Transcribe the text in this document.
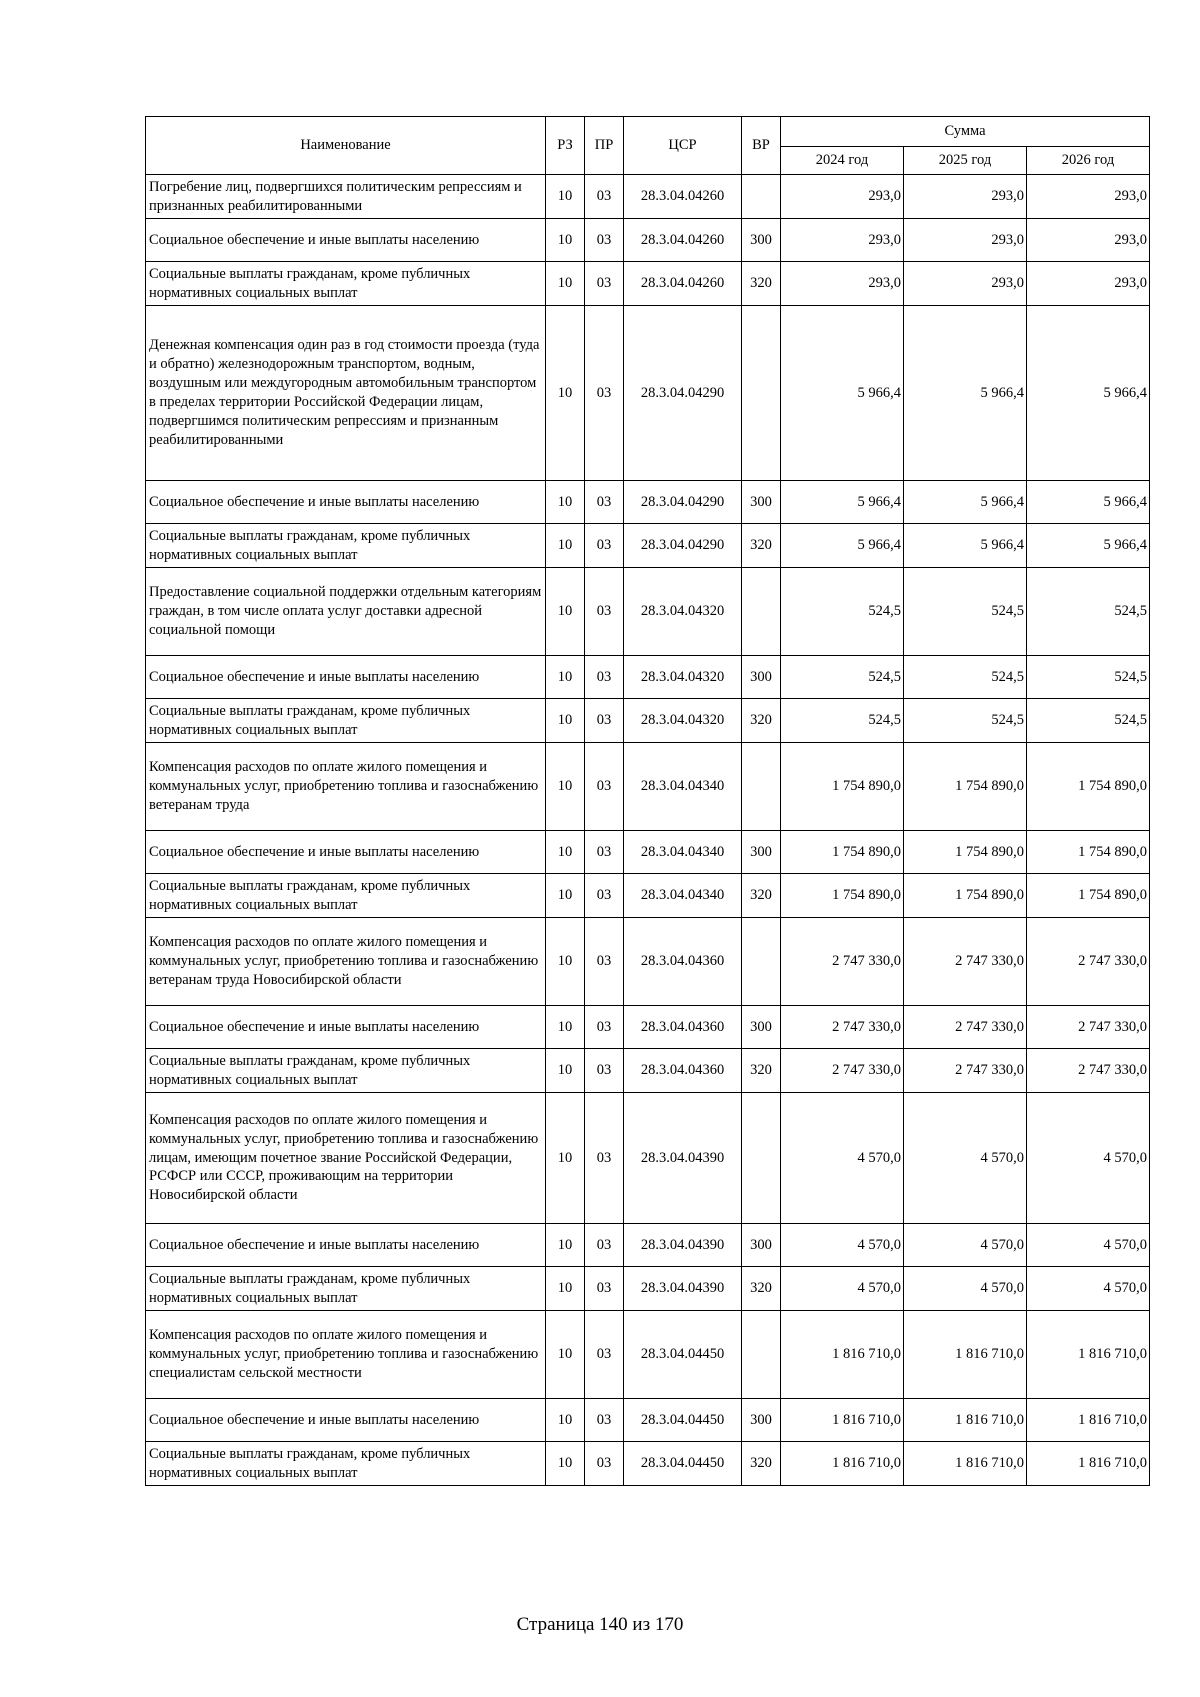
Наименование	РЗ	ПР	ЦСР	ВР	Сумма		
					2024 год	2025 год	2026 год
Погребение лиц, подвергшихся политическим репрессиям и признанных реабилитированными	10	03	28.3.04.04260		293,0	293,0	293,0
Социальное обеспечение и иные выплаты населению	10	03	28.3.04.04260	300	293,0	293,0	293,0
Социальные выплаты гражданам, кроме публичных нормативных социальных выплат	10	03	28.3.04.04260	320	293,0	293,0	293,0
Денежная компенсация один раз в год стоимости проезда (туда и обратно) железнодорожным транспортом, водным, воздушным или междугородным автомобильным транспортом в пределах территории Российской Федерации лицам, подвергшимся политическим репрессиям и признанным реабилитированными	10	03	28.3.04.04290		5 966,4	5 966,4	5 966,4
Социальное обеспечение и иные выплаты населению	10	03	28.3.04.04290	300	5 966,4	5 966,4	5 966,4
Социальные выплаты гражданам, кроме публичных нормативных социальных выплат	10	03	28.3.04.04290	320	5 966,4	5 966,4	5 966,4
Предоставление социальной поддержки отдельным категориям граждан, в том числе оплата услуг доставки адресной социальной помощи	10	03	28.3.04.04320		524,5	524,5	524,5
Социальное обеспечение и иные выплаты населению	10	03	28.3.04.04320	300	524,5	524,5	524,5
Социальные выплаты гражданам, кроме публичных нормативных социальных выплат	10	03	28.3.04.04320	320	524,5	524,5	524,5
Компенсация расходов по оплате жилого помещения и коммунальных услуг, приобретению топлива и газоснабжению ветеранам труда	10	03	28.3.04.04340		1 754 890,0	1 754 890,0	1 754 890,0
Социальное обеспечение и иные выплаты населению	10	03	28.3.04.04340	300	1 754 890,0	1 754 890,0	1 754 890,0
Социальные выплаты гражданам, кроме публичных нормативных социальных выплат	10	03	28.3.04.04340	320	1 754 890,0	1 754 890,0	1 754 890,0
Компенсация расходов по оплате жилого помещения и коммунальных услуг, приобретению топлива и газоснабжению ветеранам труда Новосибирской области	10	03	28.3.04.04360		2 747 330,0	2 747 330,0	2 747 330,0
Социальное обеспечение и иные выплаты населению	10	03	28.3.04.04360	300	2 747 330,0	2 747 330,0	2 747 330,0
Социальные выплаты гражданам, кроме публичных нормативных социальных выплат	10	03	28.3.04.04360	320	2 747 330,0	2 747 330,0	2 747 330,0
Компенсация расходов по оплате жилого помещения и коммунальных услуг, приобретению топлива и газоснабжению лицам, имеющим почетное звание Российской Федерации, РСФСР или СССР, проживающим на территории Новосибирской области	10	03	28.3.04.04390		4 570,0	4 570,0	4 570,0
Социальное обеспечение и иные выплаты населению	10	03	28.3.04.04390	300	4 570,0	4 570,0	4 570,0
Социальные выплаты гражданам, кроме публичных нормативных социальных выплат	10	03	28.3.04.04390	320	4 570,0	4 570,0	4 570,0
Компенсация расходов по оплате жилого помещения и коммунальных услуг, приобретению топлива и газоснабжению специалистам сельской местности	10	03	28.3.04.04450		1 816 710,0	1 816 710,0	1 816 710,0
Социальное обеспечение и иные выплаты населению	10	03	28.3.04.04450	300	1 816 710,0	1 816 710,0	1 816 710,0
Социальные выплаты гражданам, кроме публичных нормативных социальных выплат	10	03	28.3.04.04450	320	1 816 710,0	1 816 710,0	1 816 710,0
Страница 140 из 170
